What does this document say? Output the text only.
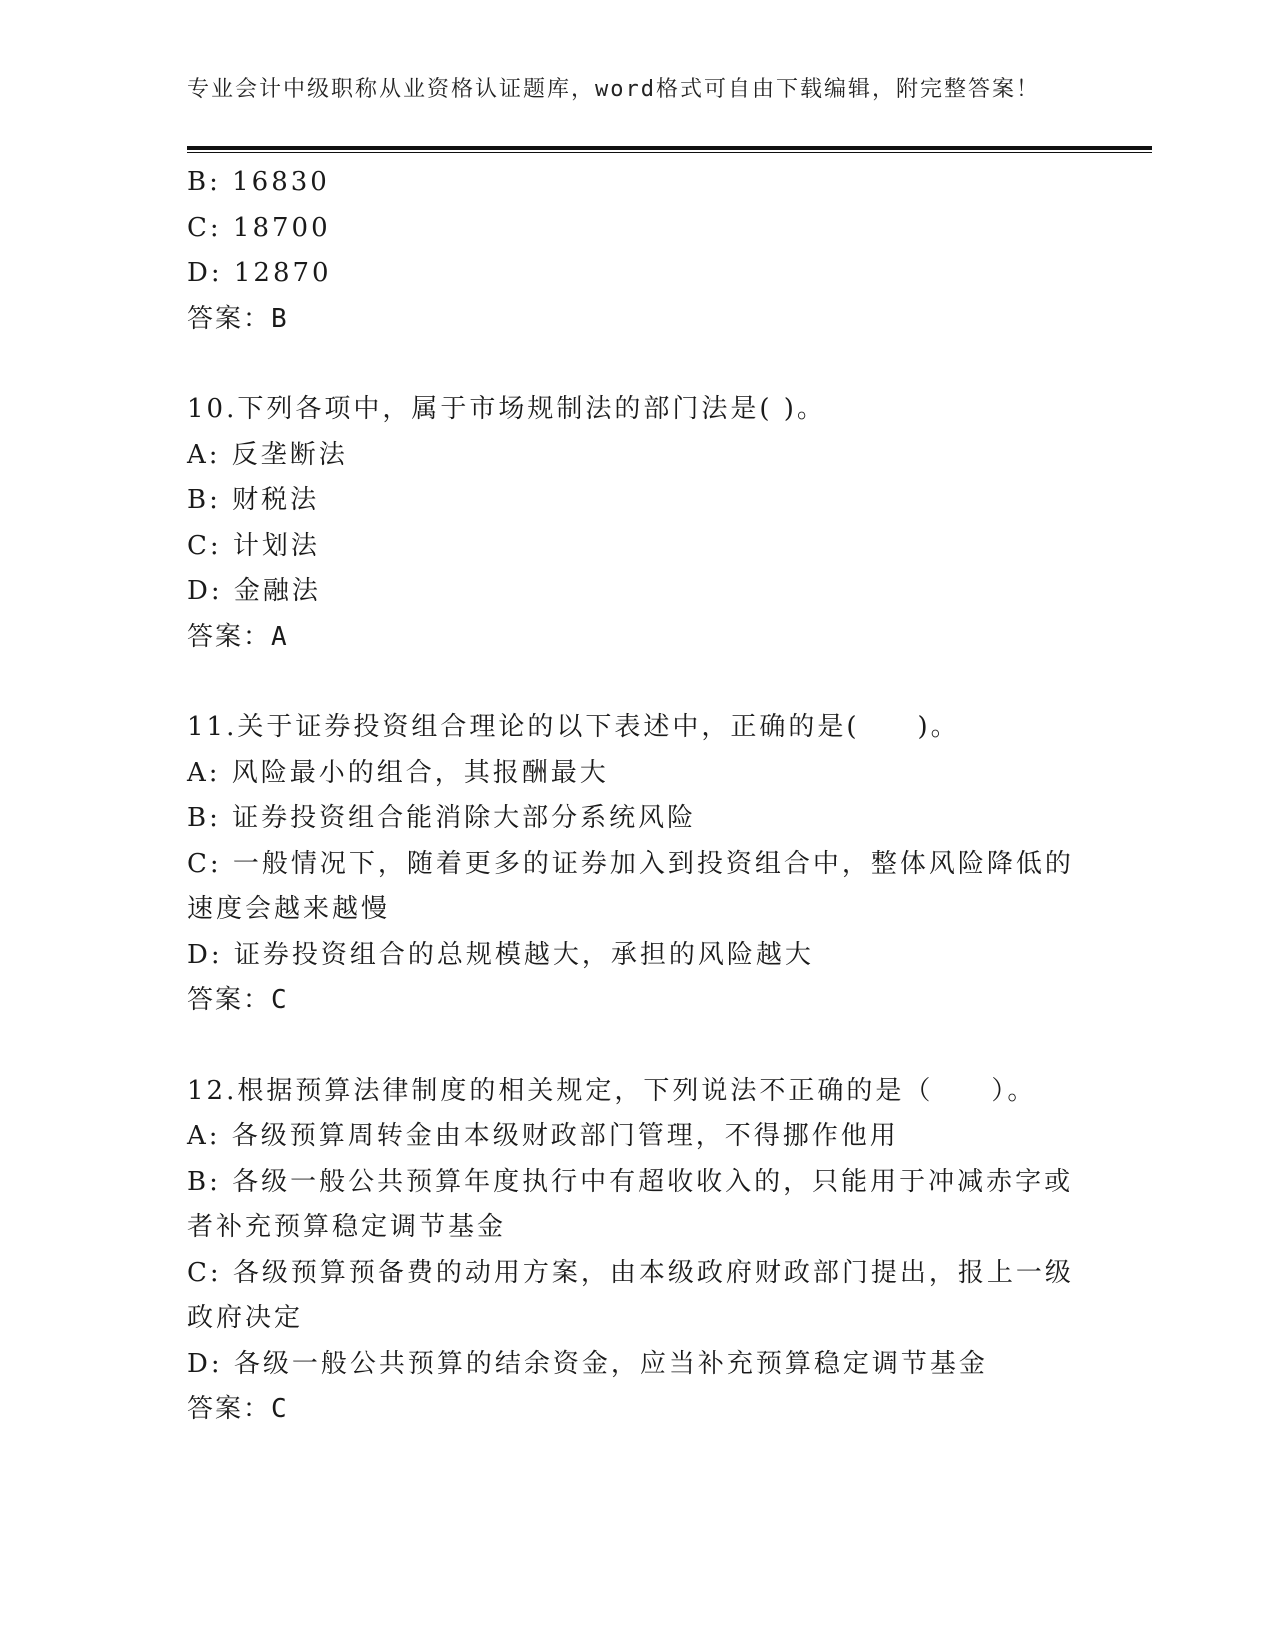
专业会计中级职称从业资格认证题库，word格式可自由下载编辑，附完整答案！
B: 16830
C: 18700
D: 12870
答案：B
10.下列各项中，属于市场规制法的部门法是( )。
A: 反垄断法
B: 财税法
C: 计划法
D: 金融法
答案：A
11.关于证券投资组合理论的以下表述中，正确的是(　　)。
A: 风险最小的组合，其报酬最大
B: 证券投资组合能消除大部分系统风险
C: 一般情况下，随着更多的证券加入到投资组合中，整体风险降低的速度会越来越慢
D: 证券投资组合的总规模越大，承担的风险越大
答案：C
12.根据预算法律制度的相关规定，下列说法不正确的是（　　）。
A: 各级预算周转金由本级财政部门管理，不得挪作他用
B: 各级一般公共预算年度执行中有超收收入的，只能用于冲减赤字或者补充预算稳定调节基金
C: 各级预算预备费的动用方案，由本级政府财政部门提出，报上一级政府决定
D: 各级一般公共预算的结余资金，应当补充预算稳定调节基金
答案：C
